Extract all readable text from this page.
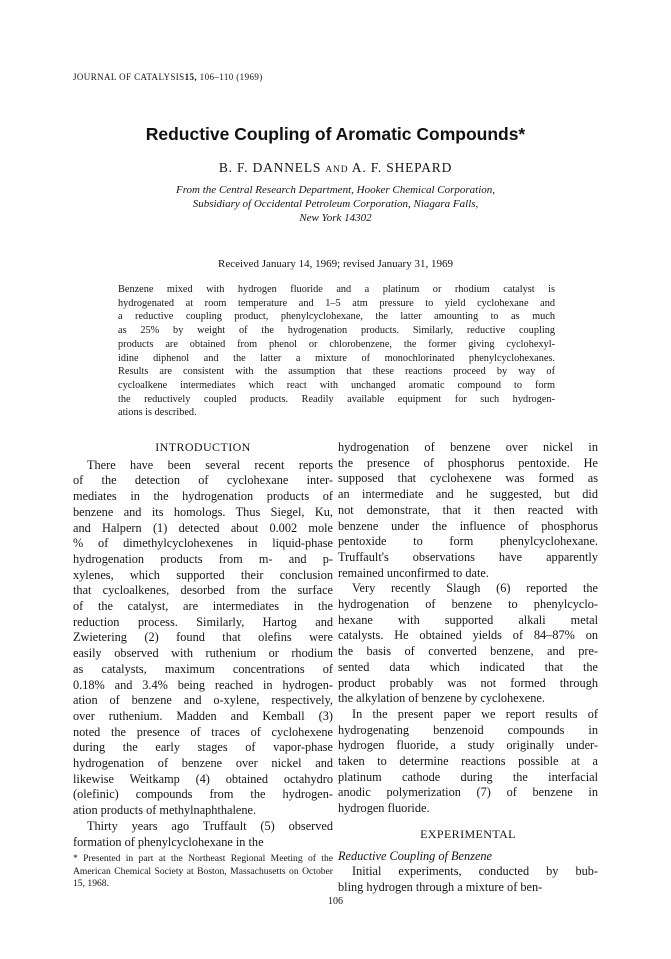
JOURNAL OF CATALYSIS15, 106–110 (1969)
Reductive Coupling of Aromatic Compounds*
B. F. DANNELS AND A. F. SHEPARD
From the Central Research Department, Hooker Chemical Corporation,
Subsidiary of Occidental Petroleum Corporation, Niagara Falls,
New York 14302
Received January 14, 1969; revised January 31, 1969
Benzene mixed with hydrogen fluoride and a platinum or rhodium catalyst is
hydrogenated at room temperature and 1–5 atm pressure to yield cyclohexane and
a reductive coupling product, phenylcyclohexane, the latter amounting to as much
as 25% by weight of the hydrogenation products. Similarly, reductive coupling
products are obtained from phenol or chlorobenzene, the former giving cyclohexyl-
idine diphenol and the latter a mixture of monochlorinated phenylcyclohexanes.
Results are consistent with the assumption that these reactions proceed by way of
cycloalkene intermediates which react with unchanged aromatic compound to form
the reductively coupled products. Readily available equipment for such hydrogen-
ations is described.
INTRODUCTION
There have been several recent reports
of the detection of cyclohexane inter-
mediates in the hydrogenation products of
benzene and its homologs. Thus Siegel, Ku,
and Halpern (1) detected about 0.002 mole
% of dimethylcyclohexenes in liquid-phase
hydrogenation products from m- and p-
xylenes, which supported their conclusion
that cycloalkenes, desorbed from the surface
of the catalyst, are intermediates in the
reduction process. Similarly, Hartog and
Zwietering (2) found that olefins were
easily observed with ruthenium or rhodium
as catalysts, maximum concentrations of
0.18% and 3.4% being reached in hydrogen-
ation of benzene and o-xylene, respectively,
over ruthenium. Madden and Kemball (3)
noted the presence of traces of cyclohexene
during the early stages of vapor-phase
hydrogenation of benzene over nickel and
likewise Weitkamp (4) obtained octahydro
(olefinic) compounds from the hydrogen-
ation products of methylnaphthalene.
Thirty years ago Truffault (5) observed
formation of phenylcyclohexane in the
* Presented in part at the Northeast Regional Meeting of the American Chemical Society at Boston, Massachusetts on October 15, 1968.
hydrogenation of benzene over nickel in
the presence of phosphorus pentoxide. He
supposed that cyclohexene was formed as
an intermediate and he suggested, but did
not demonstrate, that it then reacted with
benzene under the influence of phosphorus
pentoxide to form phenylcyclohexane.
Truffault's observations have apparently
remained unconfirmed to date.
Very recently Slaugh (6) reported the
hydrogenation of benzene to phenylcyclo-
hexane with supported alkali metal
catalysts. He obtained yields of 84–87% on
the basis of converted benzene, and pre-
sented data which indicated that the
product probably was not formed through
the alkylation of benzene by cyclohexene.
In the present paper we report results of
hydrogenating benzenoid compounds in
hydrogen fluoride, a study originally under-
taken to determine reactions possible at a
platinum cathode during the interfacial
anodic polymerization (7) of benzene in
hydrogen fluoride.
EXPERIMENTAL
Reductive Coupling of Benzene
Initial experiments, conducted by bub-
bling hydrogen through a mixture of ben-
106
